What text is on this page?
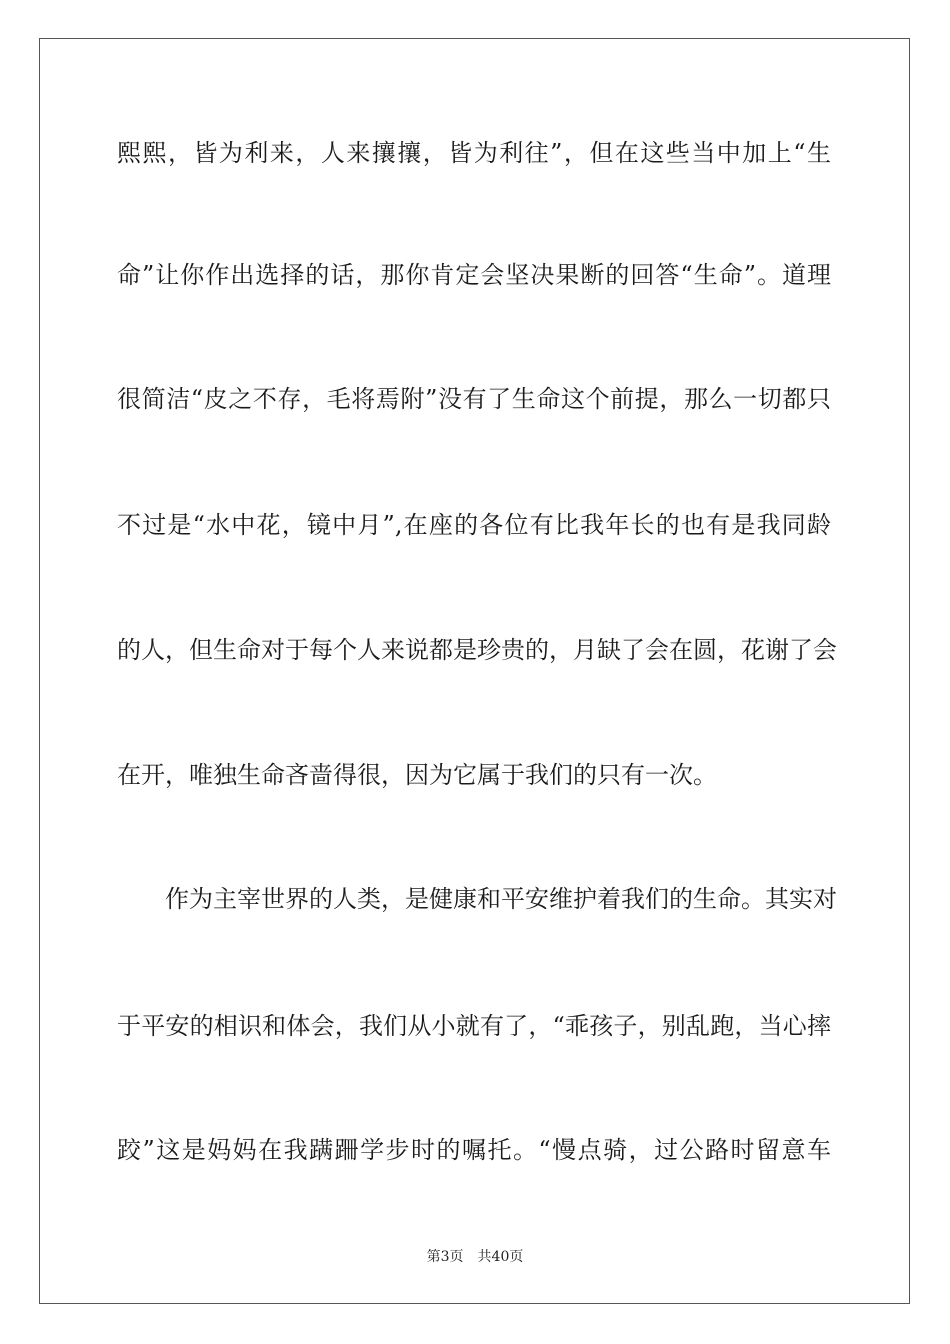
熙熙，皆为利来，人来攘攘，皆为利往”，但在这些当中加上“生
命”让你作出选择的话，那你肯定会坚决果断的回答“生命”。道理
很简洁“皮之不存，毛将焉附”没有了生命这个前提，那么一切都只
不过是“水中花，镜中月”,在座的各位有比我年长的也有是我同龄
的人，但生命对于每个人来说都是珍贵的，月缺了会在圆，花谢了会
在开，唯独生命吝啬得很，因为它属于我们的只有一次。
作为主宰世界的人类，是健康和平安维护着我们的生命。其实对
于平安的相识和体会，我们从小就有了，“乖孩子，别乱跑，当心摔
跤”这是妈妈在我蹒跚学步时的嘱托。“慢点骑，过公路时留意车
第3页　共40页
